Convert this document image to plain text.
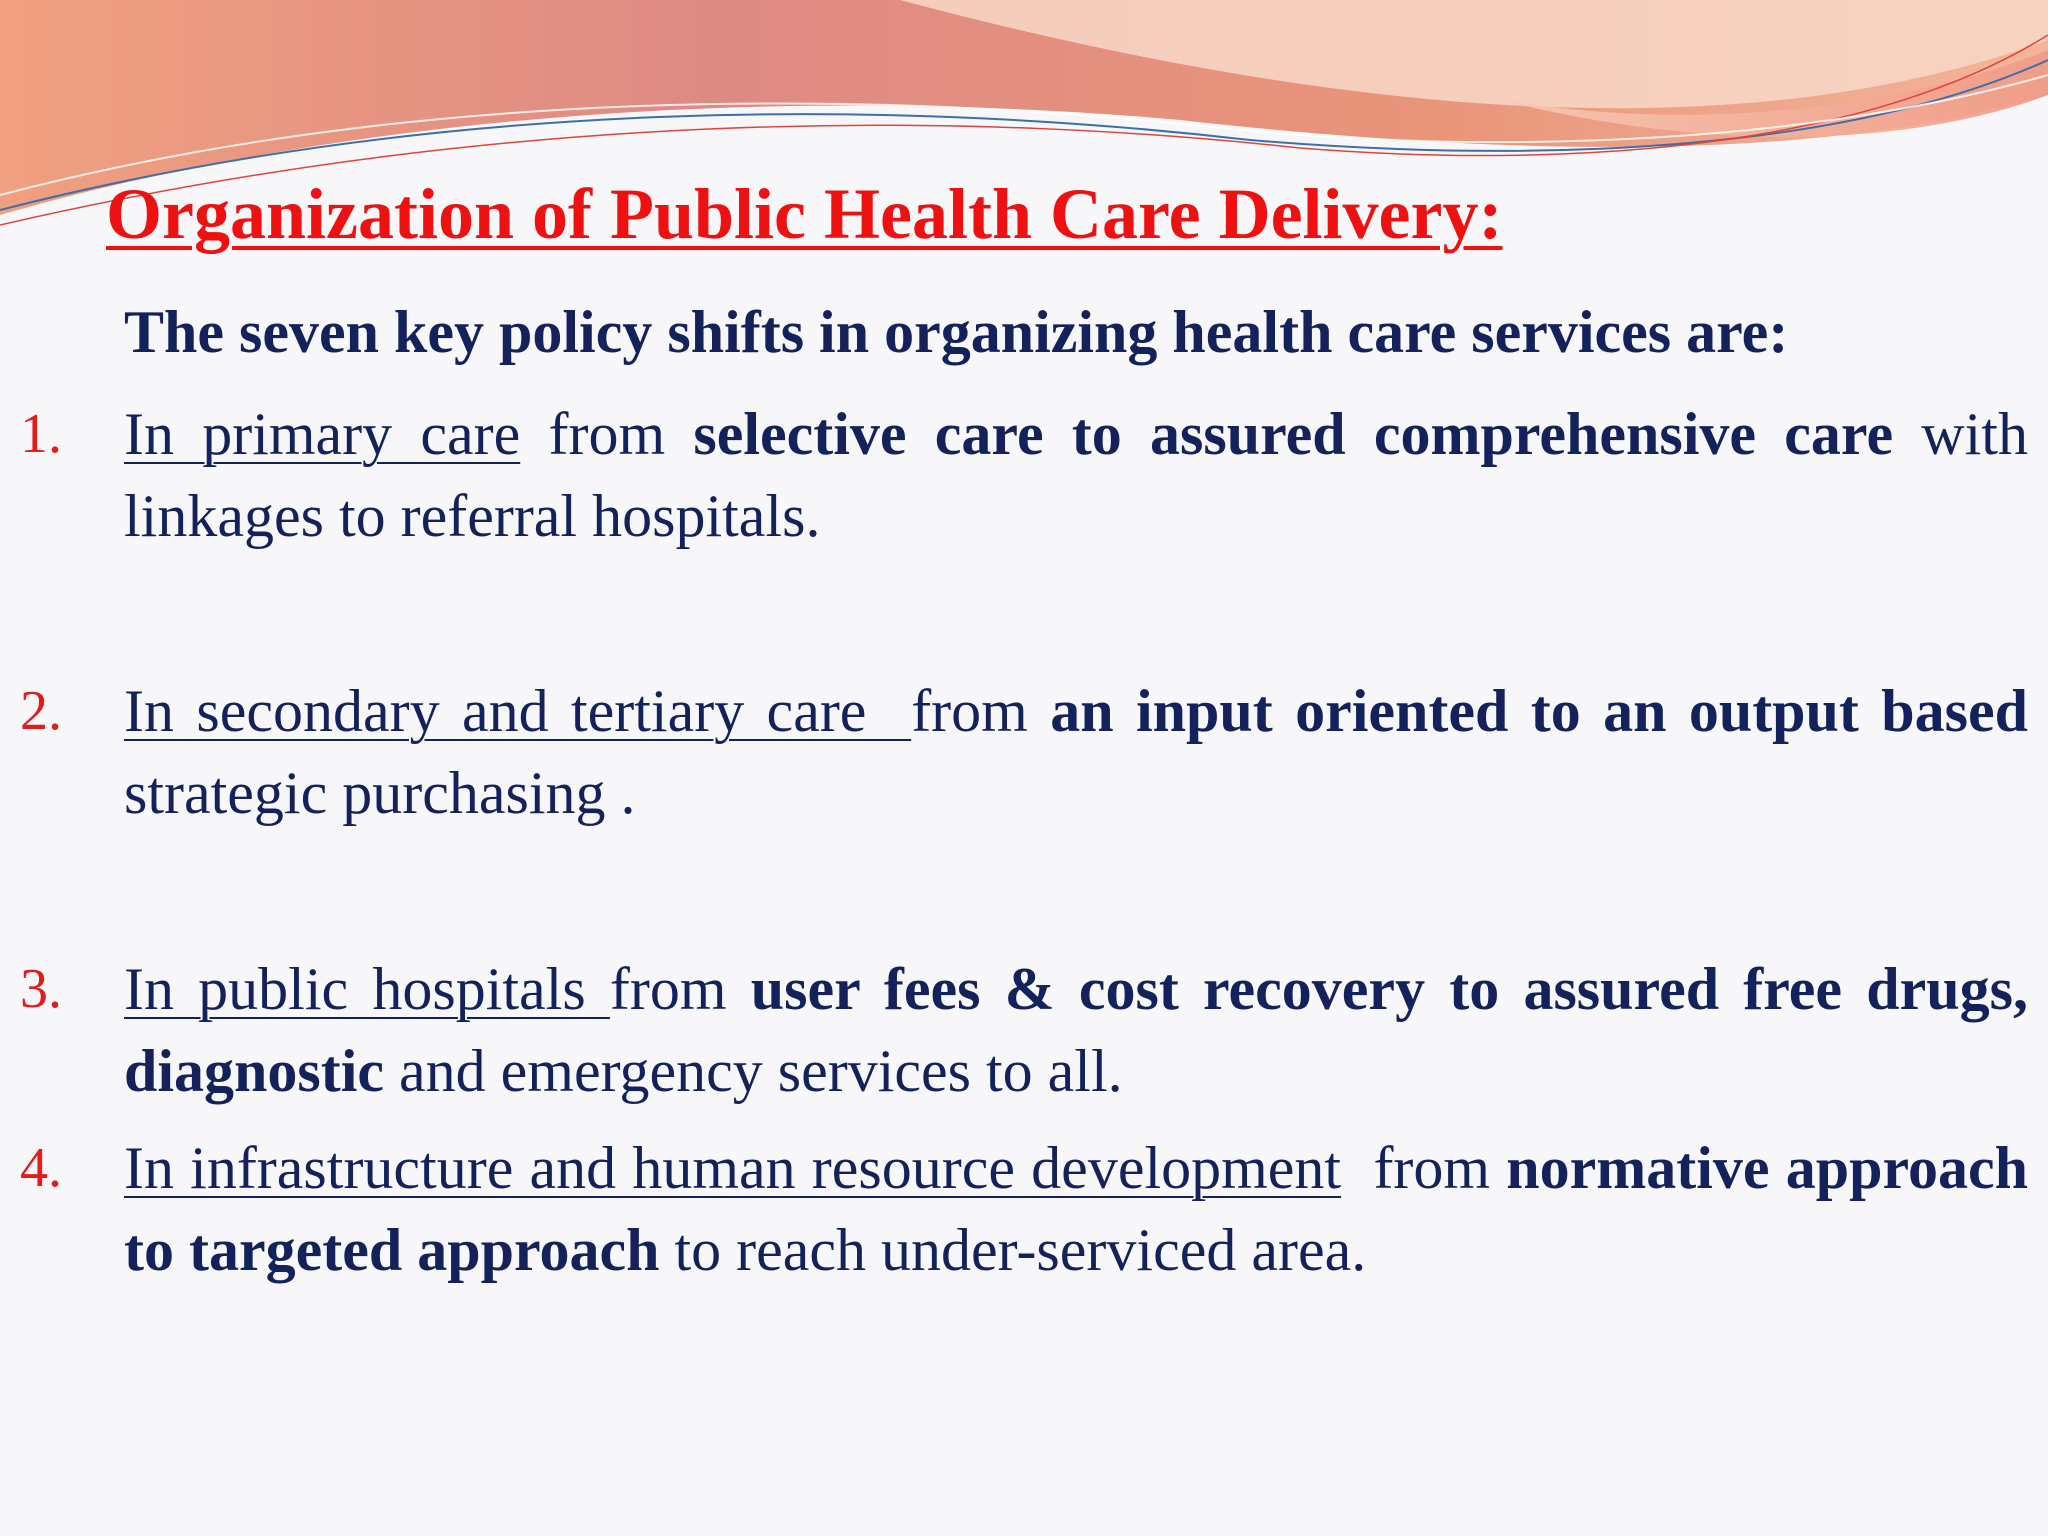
Organization of Public Health Care Delivery:

The seven key policy shifts in organizing health care services are:

1. In primary care from selective care to assured comprehensive care with linkages to referral hospitals.
2. In secondary and tertiary care  from an input oriented to an output based strategic purchasing .
3. In public hospitals from user fees & cost recovery to assured free drugs, diagnostic and emergency services to all.
4. In infrastructure and human resource development  from normative approach to targeted approach to reach under-serviced area.
